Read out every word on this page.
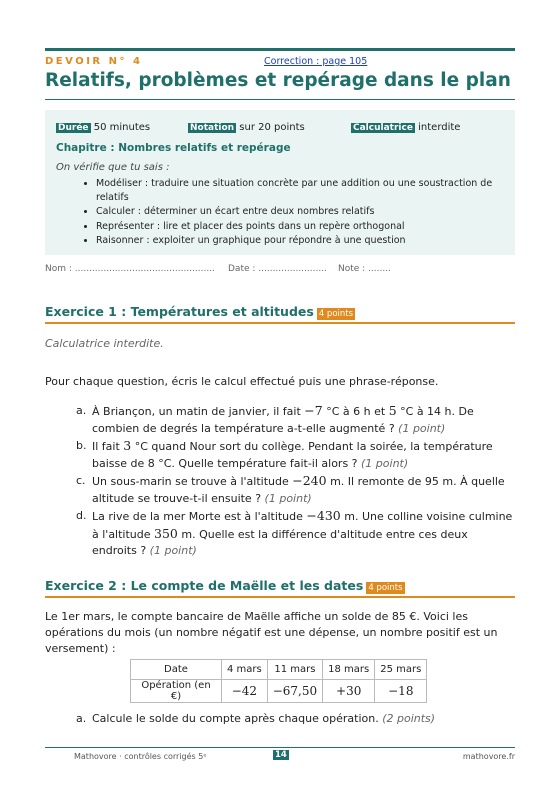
DEVOIR N° 4	Correction : page 105
Relatifs, problèmes et repérage dans le plan
Durée 50 minutes	Notation sur 20 points	Calculatrice interdite
Chapitre : Nombres relatifs et repérage
On vérifie que tu sais :
• Modéliser : traduire une situation concrète par une addition ou une soustraction de relatifs
• Calculer : déterminer un écart entre deux nombres relatifs
• Représenter : lire et placer des points dans un repère orthogonal
• Raisonner : exploiter un graphique pour répondre à une question
Nom : ................................................. Date : ........................ Note : ........
Exercice 1 : Températures et altitudes 4 points
Calculatrice interdite.
Pour chaque question, écris le calcul effectué puis une phrase-réponse.
a. À Briançon, un matin de janvier, il fait −7 °C à 6 h et 5 °C à 14 h. De combien de degrés la température a-t-elle augmenté ? (1 point)
b. Il fait 3 °C quand Nour sort du collège. Pendant la soirée, la température baisse de 8 °C. Quelle température fait-il alors ? (1 point)
c. Un sous-marin se trouve à l'altitude −240 m. Il remonte de 95 m. À quelle altitude se trouve-t-il ensuite ? (1 point)
d. La rive de la mer Morte est à l'altitude −430 m. Une colline voisine culmine à l'altitude 350 m. Quelle est la différence d'altitude entre ces deux endroits ? (1 point)
Exercice 2 : Le compte de Maëlle et les dates 4 points
Le 1er mars, le compte bancaire de Maëlle affiche un solde de 85 €. Voici les opérations du mois (un nombre négatif est une dépense, un nombre positif est un versement) :
Date	4 mars	11 mars	18 mars	25 mars
Opération (en €)	−42	−67,50	+30	−18
a. Calcule le solde du compte après chaque opération. (2 points)
Mathovore · contrôles corrigés 5ᵉ	14	mathovore.fr
